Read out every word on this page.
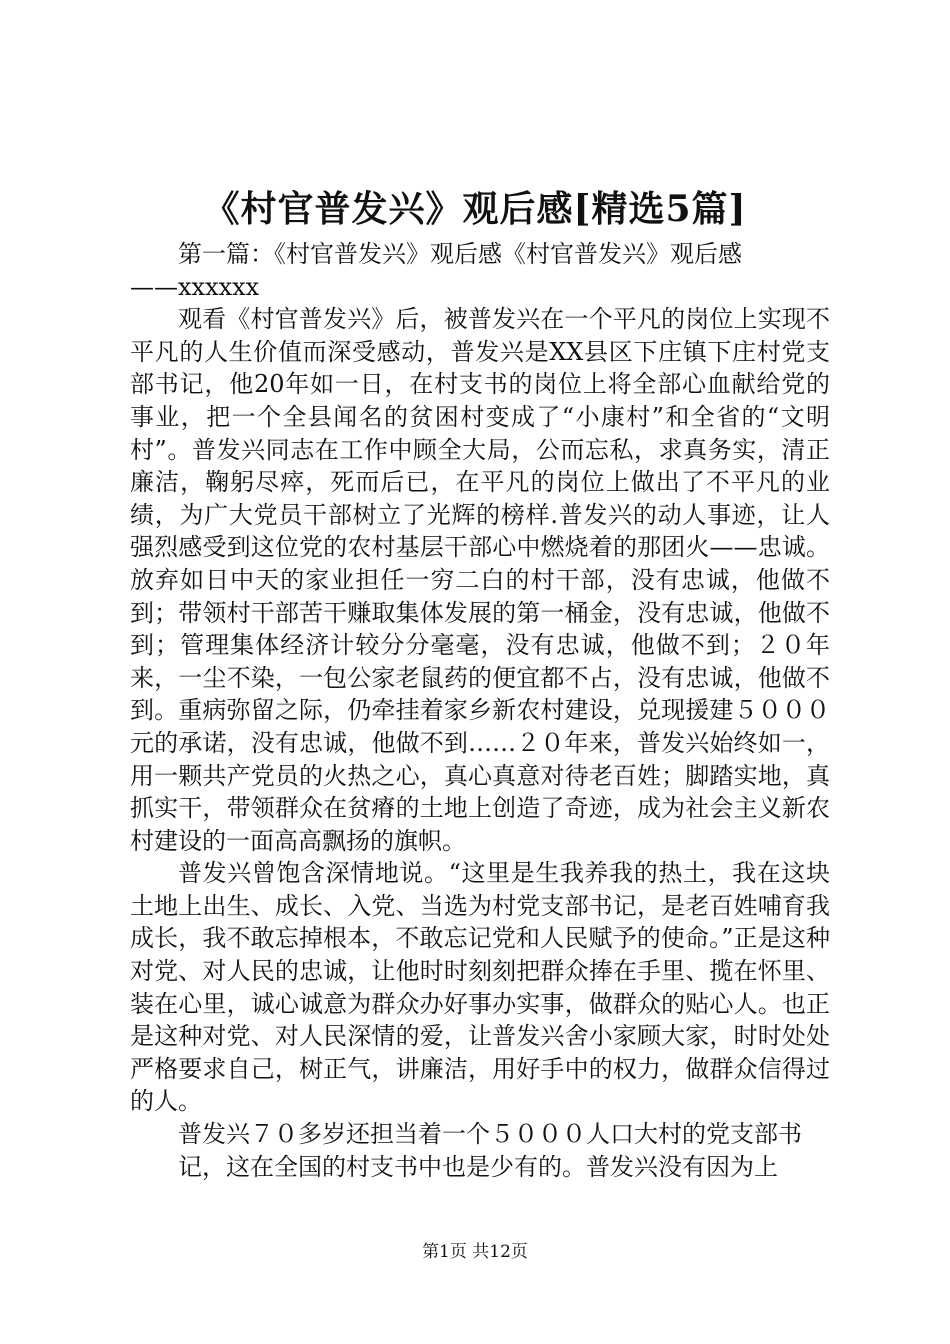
《村官普发兴》观后感[精选5篇]

第一篇：《村官普发兴》观后感《村官普发兴》观后感

——xxxxxx

观看《村官普发兴》后，被普发兴在一个平凡的岗位上实现不平凡的人生价值而深受感动，普发兴是XX县区下庄镇下庄村党支部书记，他20年如一日，在村支书的岗位上将全部心血献给党的事业，把一个全县闻名的贫困村变成了“小康村”和全省的“文明村”。普发兴同志在工作中顾全大局，公而忘私，求真务实，清正廉洁，鞠躬尽瘁，死而后已，在平凡的岗位上做出了不平凡的业绩，为广大党员干部树立了光辉的榜样.普发兴的动人事迹，让人强烈感受到这位党的农村基层干部心中燃烧着的那团火——忠诚。放弃如日中天的家业担任一穷二白的村干部，没有忠诚，他做不到；带领村干部苦干赚取集体发展的第一桶金，没有忠诚，他做不到；管理集体经济计较分分毫毫，没有忠诚，他做不到；２０年来，一尘不染，一包公家老鼠药的便宜都不占，没有忠诚，他做不到。重病弥留之际，仍牵挂着家乡新农村建设，兑现援建５０００元的承诺，没有忠诚，他做不到……２０年来，普发兴始终如一，用一颗共产党员的火热之心，真心真意对待老百姓；脚踏实地，真抓实干，带领群众在贫瘠的土地上创造了奇迹，成为社会主义新农村建设的一面高高飘扬的旗帜。

普发兴曾饱含深情地说。“这里是生我养我的热土，我在这块土地上出生、成长、入党、当选为村党支部书记，是老百姓哺育我成长，我不敢忘掉根本，不敢忘记党和人民赋予的使命。”正是这种对党、对人民的忠诚，让他时时刻刻把群众捧在手里、揽在怀里、装在心里，诚心诚意为群众办好事办实事，做群众的贴心人。也正是这种对党、对人民深情的爱，让普发兴舍小家顾大家，时时处处严格要求自己，树正气，讲廉洁，用好手中的权力，做群众信得过的人。

普发兴７０多岁还担当着一个５０００人口大村的党支部书

记，这在全国的村支书中也是少有的。普发兴没有因为上

第1页 共12页
